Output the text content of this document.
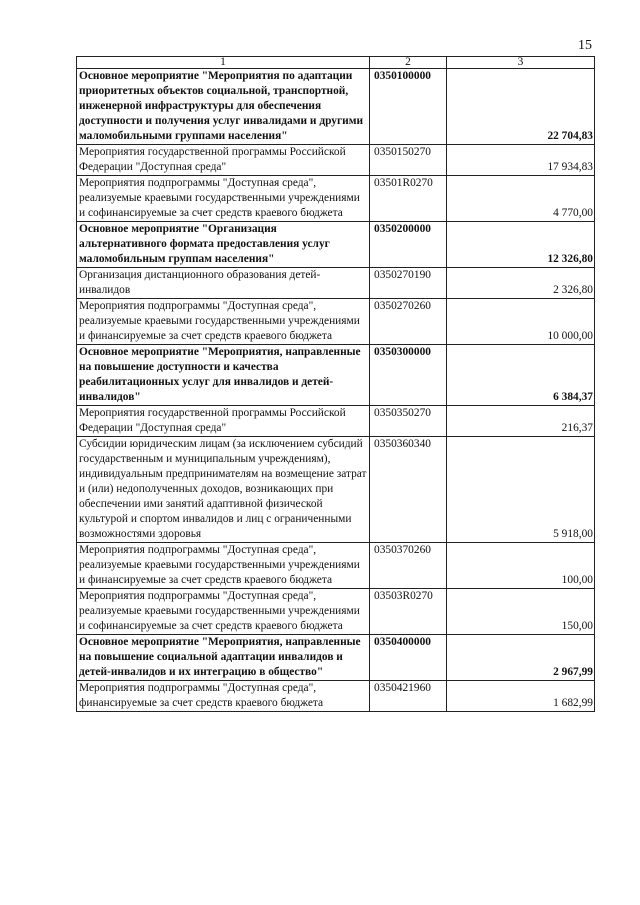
15
1	2	3
Основное мероприятие "Мероприятия по адаптации приоритетных объектов социальной, транспортной, инженерной инфраструктуры для обеспечения доступности и получения услуг инвалидами и другими маломобильными группами населения"	0350100000	22 704,83
Мероприятия государственной программы Российской Федерации "Доступная среда"	0350150270	17 934,83
Мероприятия подпрограммы "Доступная среда", реализуемые краевыми государственными учреждениями и софинансируемые за счет средств краевого бюджета	03501R0270	4 770,00
Основное мероприятие "Организация альтернативного формата предоставления услуг маломобильным группам населения"	0350200000	12 326,80
Организация дистанционного образования детей-инвалидов	0350270190	2 326,80
Мероприятия подпрограммы "Доступная среда", реализуемые краевыми государственными учреждениями и финансируемые за счет средств краевого бюджета	0350270260	10 000,00
Основное мероприятие "Мероприятия, направленные на повышение доступности и качества реабилитационных услуг для инвалидов и детей-инвалидов"	0350300000	6 384,37
Мероприятия государственной программы Российской Федерации "Доступная среда"	0350350270	216,37
Субсидии юридическим лицам (за исключением субсидий государственным и муниципальным учреждениям), индивидуальным предпринимателям на возмещение затрат и (или) недополученных доходов, возникающих при обеспечении ими занятий адаптивной физической культурой и спортом инвалидов и лиц с ограниченными возможностями здоровья	0350360340	5 918,00
Мероприятия подпрограммы "Доступная среда", реализуемые краевыми государственными учреждениями и финансируемые за счет средств краевого бюджета	0350370260	100,00
Мероприятия подпрограммы "Доступная среда", реализуемые краевыми государственными учреждениями и софинансируемые за счет средств краевого бюджета	03503R0270	150,00
Основное мероприятие "Мероприятия, направленные на повышение социальной адаптации инвалидов и детей-инвалидов и их интеграцию в общество"	0350400000	2 967,99
Мероприятия подпрограммы "Доступная среда", финансируемые за счет средств краевого бюджета	0350421960	1 682,99
